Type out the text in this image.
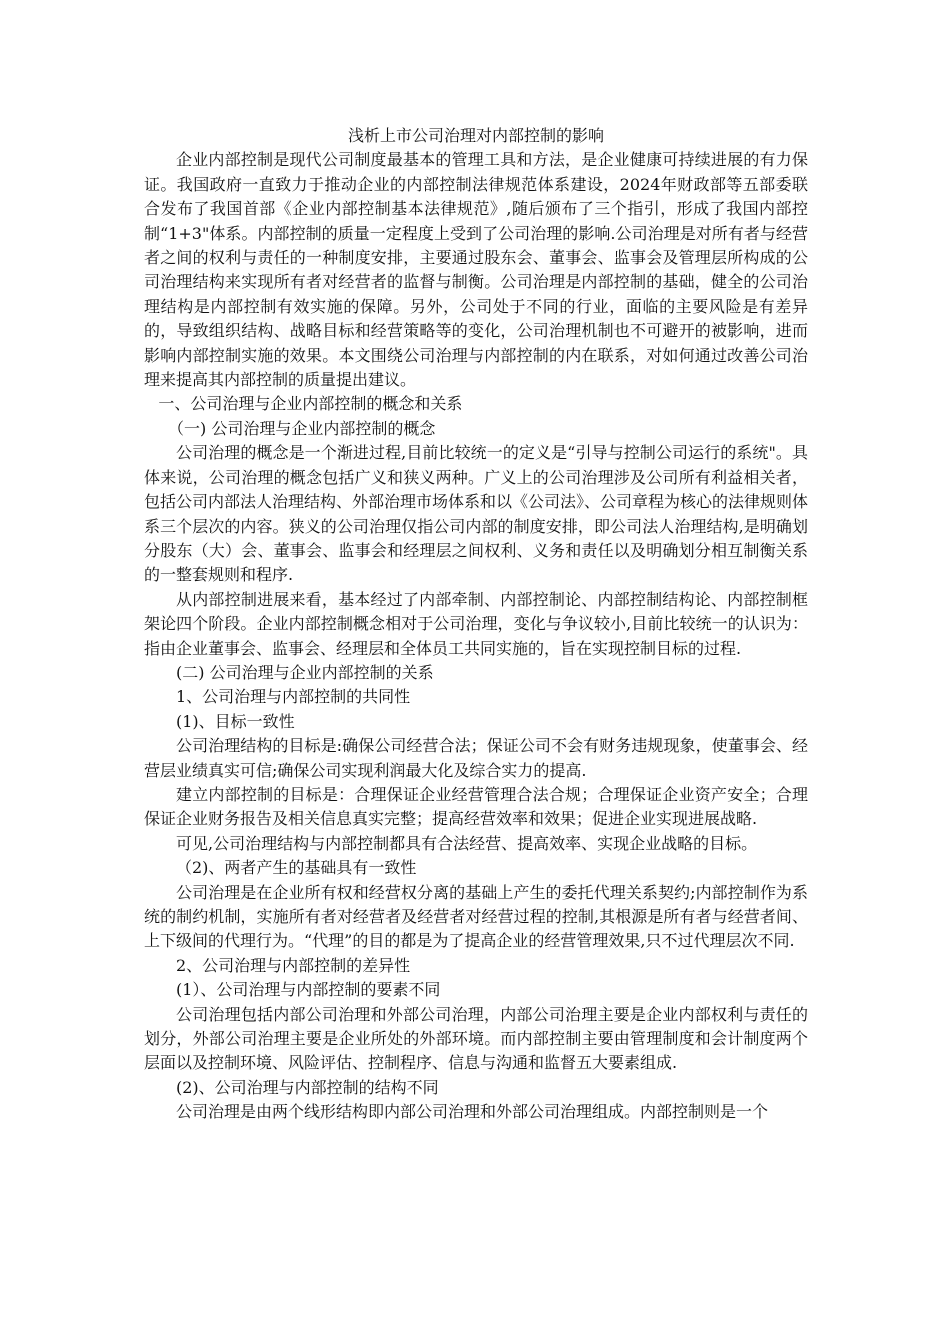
浅析上市公司治理对内部控制的影响

企业内部控制是现代公司制度最基本的管理工具和方法，是企业健康可持续进展的有力保证。我国政府一直致力于推动企业的内部控制法律规范体系建设，2024年财政部等五部委联合发布了我国首部《企业内部控制基本法律规范》,随后颁布了三个指引，形成了我国内部控制“1+3"体系。内部控制的质量一定程度上受到了公司治理的影响.公司治理是对所有者与经营者之间的权利与责任的一种制度安排，主要通过股东会、董事会、监事会及管理层所构成的公司治理结构来实现所有者对经营者的监督与制衡。公司治理是内部控制的基础，健全的公司治理结构是内部控制有效实施的保障。另外，公司处于不同的行业，面临的主要风险是有差异的，导致组织结构、战略目标和经营策略等的变化，公司治理机制也不可避开的被影响，进而影响内部控制实施的效果。本文围绕公司治理与内部控制的内在联系，对如何通过改善公司治理来提高其内部控制的质量提出建议。

一、公司治理与企业内部控制的概念和关系

（一) 公司治理与企业内部控制的概念

公司治理的概念是一个渐进过程,目前比较统一的定义是“引导与控制公司运行的系统"。具体来说，公司治理的概念包括广义和狭义两种。广义上的公司治理涉及公司所有利益相关者，包括公司内部法人治理结构、外部治理市场体系和以《公司法》、公司章程为核心的法律规则体系三个层次的内容。狭义的公司治理仅指公司内部的制度安排，即公司法人治理结构,是明确划分股东（大）会、董事会、监事会和经理层之间权利、义务和责任以及明确划分相互制衡关系的一整套规则和程序.

从内部控制进展来看，基本经过了内部牵制、内部控制论、内部控制结构论、内部控制框架论四个阶段。企业内部控制概念相对于公司治理，变化与争议较小,目前比较统一的认识为：指由企业董事会、监事会、经理层和全体员工共同实施的，旨在实现控制目标的过程.

(二) 公司治理与企业内部控制的关系

1、公司治理与内部控制的共同性

(1)、目标一致性

公司治理结构的目标是:确保公司经营合法；保证公司不会有财务违规现象，使董事会、经营层业绩真实可信;确保公司实现利润最大化及综合实力的提高.

建立内部控制的目标是：合理保证企业经营管理合法合规；合理保证企业资产安全；合理保证企业财务报告及相关信息真实完整；提高经营效率和效果；促进企业实现进展战略.

可见,公司治理结构与内部控制都具有合法经营、提高效率、实现企业战略的目标。

（2)、两者产生的基础具有一致性

公司治理是在企业所有权和经营权分离的基础上产生的委托代理关系契约;内部控制作为系统的制约机制，实施所有者对经营者及经营者对经营过程的控制,其根源是所有者与经营者间、上下级间的代理行为。“代理”的目的都是为了提高企业的经营管理效果,只不过代理层次不同.

2、公司治理与内部控制的差异性

(1）、公司治理与内部控制的要素不同

公司治理包括内部公司治理和外部公司治理，内部公司治理主要是企业内部权利与责任的划分，外部公司治理主要是企业所处的外部环境。而内部控制主要由管理制度和会计制度两个层面以及控制环境、风险评估、控制程序、信息与沟通和监督五大要素组成.

(2)、公司治理与内部控制的结构不同

公司治理是由两个线形结构即内部公司治理和外部公司治理组成。内部控制则是一个
